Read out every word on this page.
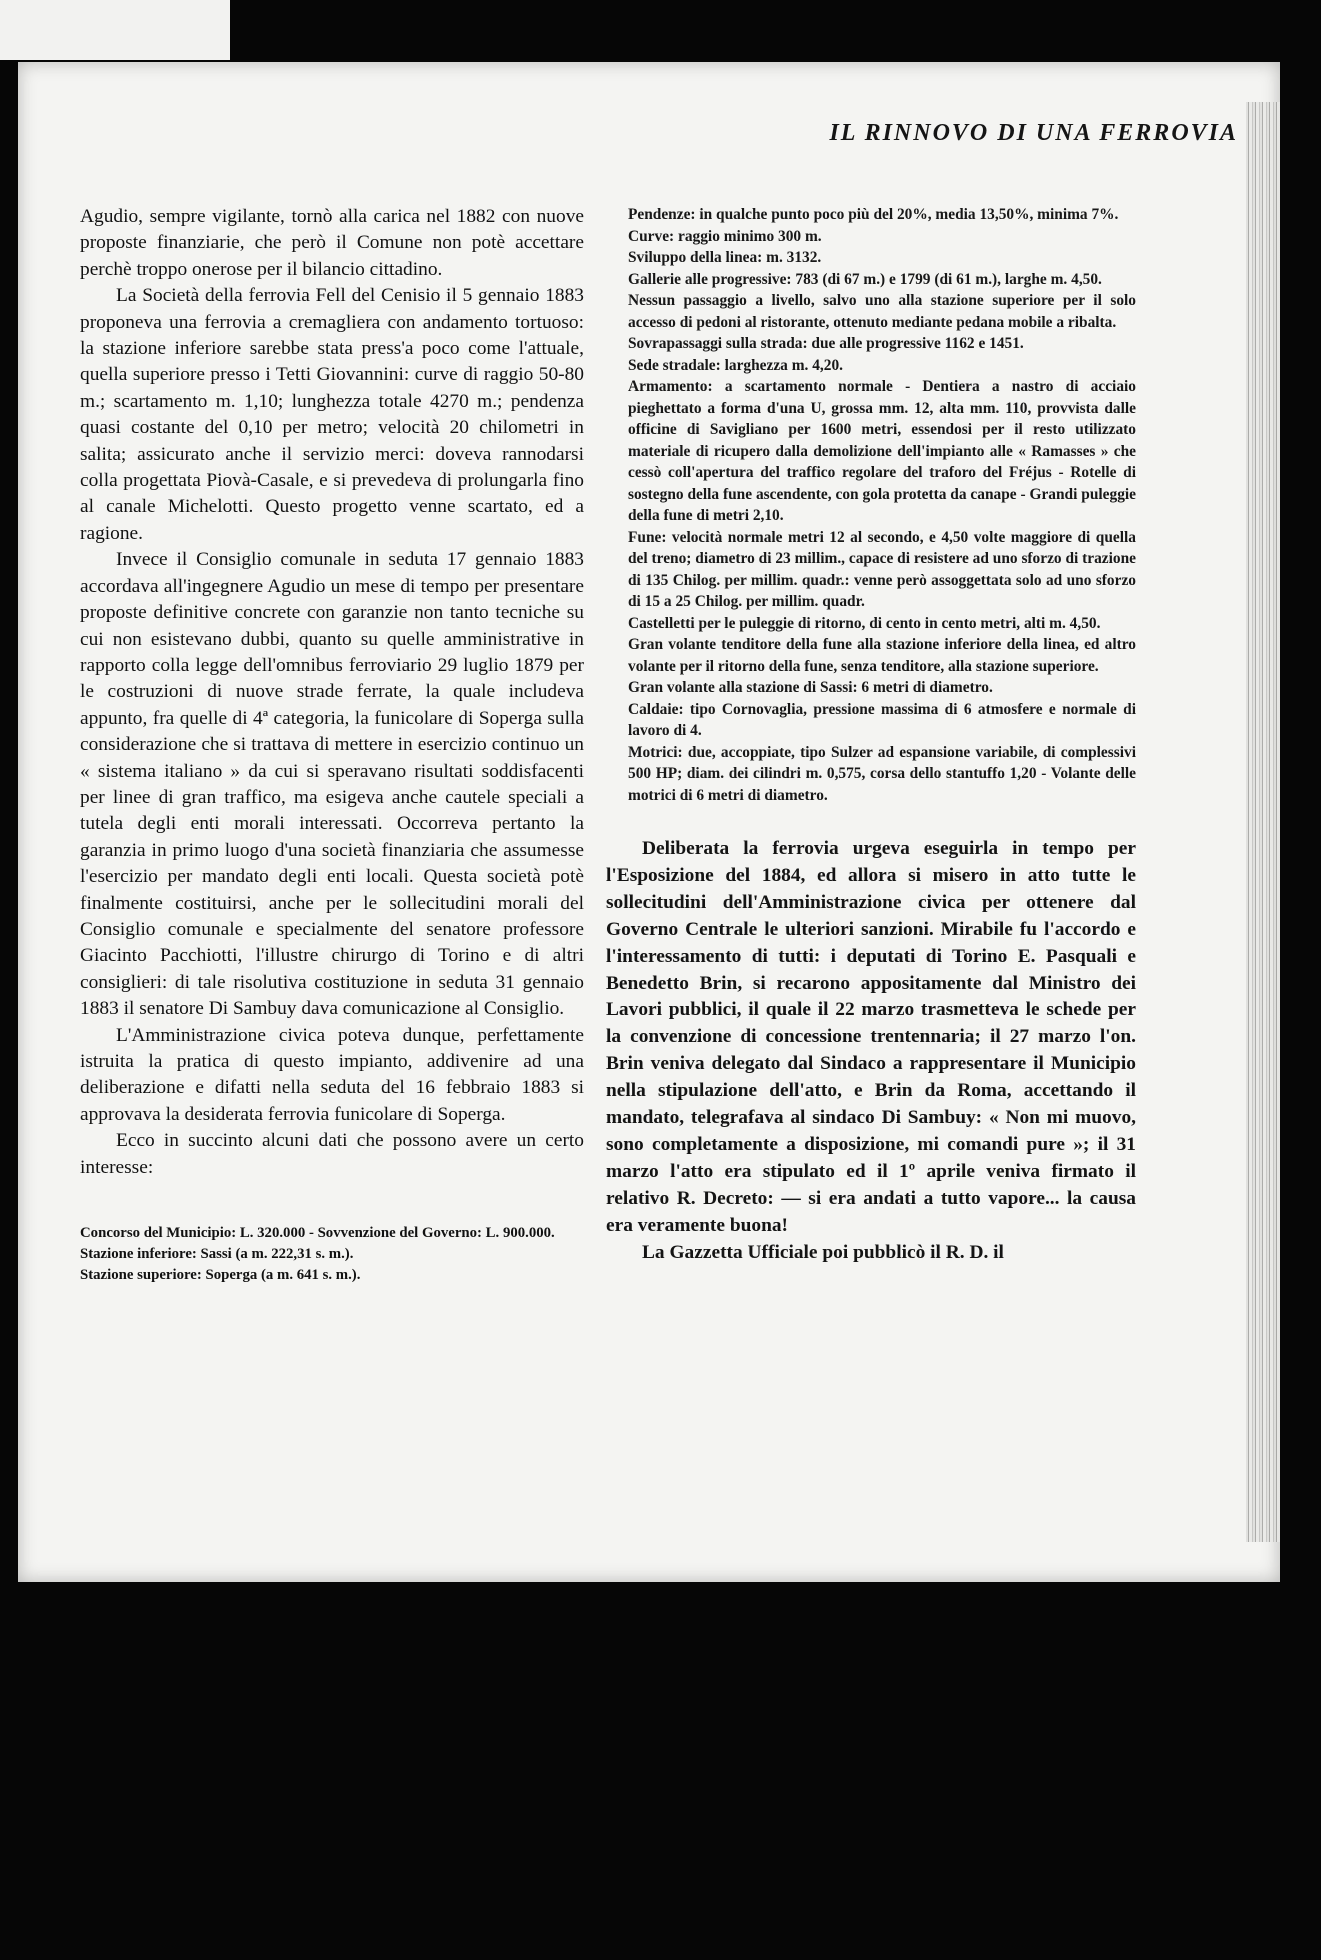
IL RINNOVO DI UNA FERROVIA

Agudio, sempre vigilante, tornò alla carica nel 1882 con nuove proposte finanziarie, che però il Comune non potè accettare perchè troppo onerose per il bilancio cittadino.

La Società della ferrovia Fell del Cenisio il 5 gennaio 1883 proponeva una ferrovia a cremagliera con andamento tortuoso: la stazione inferiore sarebbe stata press'a poco come l'attuale, quella superiore presso i Tetti Giovannini: curve di raggio 50-80 m.; scartamento m. 1,10; lunghezza totale 4270 m.; pendenza quasi costante del 0,10 per metro; velocità 20 chilometri in salita; assicurato anche il servizio merci: doveva rannodarsi colla progettata Piovà-Casale, e si prevedeva di prolungarla fino al canale Michelotti. Questo progetto venne scartato, ed a ragione.

Invece il Consiglio comunale in seduta 17 gennaio 1883 accordava all'ingegnere Agudio un mese di tempo per presentare proposte definitive concrete con garanzie non tanto tecniche su cui non esistevano dubbi, quanto su quelle amministrative in rapporto colla legge dell'omnibus ferroviario 29 luglio 1879 per le costruzioni di nuove strade ferrate, la quale includeva appunto, fra quelle di 4ª categoria, la funicolare di Soperga sulla considerazione che si trattava di mettere in esercizio continuo un « sistema italiano » da cui si speravano risultati soddisfacenti per linee di gran traffico, ma esigeva anche cautele speciali a tutela degli enti morali interessati. Occorreva pertanto la garanzia in primo luogo d'una società finanziaria che assumesse l'esercizio per mandato degli enti locali. Questa società potè finalmente costituirsi, anche per le sollecitudini morali del Consiglio comunale e specialmente del senatore professore Giacinto Pacchiotti, l'illustre chirurgo di Torino e di altri consiglieri: di tale risolutiva costituzione in seduta 31 gennaio 1883 il senatore Di Sambuy dava comunicazione al Consiglio.

L'Amministrazione civica poteva dunque, perfettamente istruita la pratica di questo impianto, addivenire ad una deliberazione e difatti nella seduta del 16 febbraio 1883 si approvava la desiderata ferrovia funicolare di Soperga.

Ecco in succinto alcuni dati che possono avere un certo interesse:

Concorso del Municipio: L. 320.000 - Sovvenzione del Governo: L. 900.000.

Stazione inferiore: Sassi (a m. 222,31 s. m.).

Stazione superiore: Soperga (a m. 641 s. m.).

Pendenze: in qualche punto poco più del 20%, media 13,50%, minima 7%.

Curve: raggio minimo 300 m.

Sviluppo della linea: m. 3132.

Gallerie alle progressive: 783 (di 67 m.) e 1799 (di 61 m.), larghe m. 4,50.

Nessun passaggio a livello, salvo uno alla stazione superiore per il solo accesso di pedoni al ristorante, ottenuto mediante pedana mobile a ribalta.

Sovrapassaggi sulla strada: due alle progressive 1162 e 1451.

Sede stradale: larghezza m. 4,20.

Armamento: a scartamento normale - Dentiera a nastro di acciaio pieghettato a forma d'una U, grossa mm. 12, alta mm. 110, provvista dalle officine di Savigliano per 1600 metri, essendosi per il resto utilizzato materiale di ricupero dalla demolizione dell'impianto alle « Ramasses » che cessò coll'apertura del traffico regolare del traforo del Fréjus - Rotelle di sostegno della fune ascendente, con gola protetta da canape - Grandi puleggie della fune di metri 2,10.

Fune: velocità normale metri 12 al secondo, e 4,50 volte maggiore di quella del treno; diametro di 23 millim., capace di resistere ad uno sforzo di trazione di 135 Chilog. per millim. quadr.: venne però assoggettata solo ad uno sforzo di 15 a 25 Chilog. per millim. quadr.

Castelletti per le puleggie di ritorno, di cento in cento metri, alti m. 4,50.

Gran volante tenditore della fune alla stazione inferiore della linea, ed altro volante per il ritorno della fune, senza tenditore, alla stazione superiore.

Gran volante alla stazione di Sassi: 6 metri di diametro.

Caldaie: tipo Cornovaglia, pressione massima di 6 atmosfere e normale di lavoro di 4.

Motrici: due, accoppiate, tipo Sulzer ad espansione variabile, di complessivi 500 HP; diam. dei cilindri m. 0,575, corsa dello stantuffo 1,20 - Volante delle motrici di 6 metri di diametro.

Deliberata la ferrovia urgeva eseguirla in tempo per l'Esposizione del 1884, ed allora si misero in atto tutte le sollecitudini dell'Amministrazione civica per ottenere dal Governo Centrale le ulteriori sanzioni. Mirabile fu l'accordo e l'interessamento di tutti: i deputati di Torino E. Pasquali e Benedetto Brin, si recarono appositamente dal Ministro dei Lavori pubblici, il quale il 22 marzo trasmetteva le schede per la convenzione di concessione trentennaria; il 27 marzo l'on. Brin veniva delegato dal Sindaco a rappresentare il Municipio nella stipulazione dell'atto, e Brin da Roma, accettando il mandato, telegrafava al sindaco Di Sambuy: « Non mi muovo, sono completamente a disposizione, mi comandi pure »; il 31 marzo l'atto era stipulato ed il 1º aprile veniva firmato il relativo R. Decreto: — si era andati a tutto vapore... la causa era veramente buona!

La Gazzetta Ufficiale poi pubblicò il R. D. il
